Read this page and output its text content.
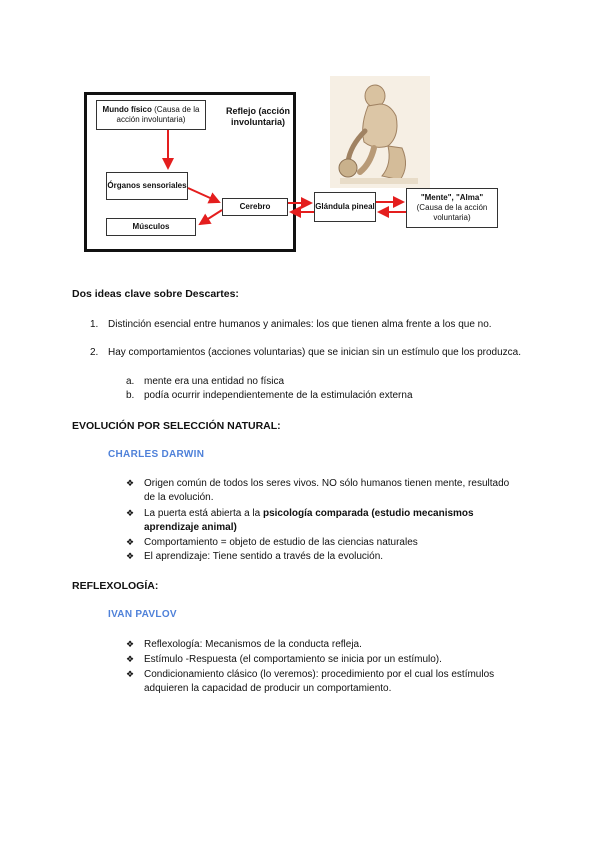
Mundo físico (Causa de la acción involuntaria)
Reflejo (acción involuntaria)
Órganos sensoriales
Músculos
Cerebro	Glándula pineal
"Mente", "Alma"
(Causa de la acción voluntaria)
Dos ideas clave sobre Descartes:
1. Distinción esencial entre humanos y animales: los que tienen alma frente a los que no.
2. Hay comportamientos (acciones voluntarias) que se inician sin un estímulo que los produzca.
a. mente era una entidad no física
b. podía ocurrir independientemente de la estimulación externa
EVOLUCIÓN POR SELECCIÓN NATURAL:
CHARLES DARWIN
❖ Origen común de todos los seres vivos. NO sólo humanos tienen mente, resultado de la evolución.
❖ La puerta está abierta a la psicología comparada (estudio mecanismos aprendizaje animal)
❖ Comportamiento = objeto de estudio de las ciencias naturales
❖ El aprendizaje: Tiene sentido a través de la evolución.
REFLEXOLOGÍA:
IVAN PAVLOV
❖ Reflexología: Mecanismos de la conducta refleja.
❖ Estímulo -Respuesta (el comportamiento se inicia por un estímulo).
❖ Condicionamiento clásico (lo veremos): procedimiento por el cual los estímulos adquieren la capacidad de producir un comportamiento.
